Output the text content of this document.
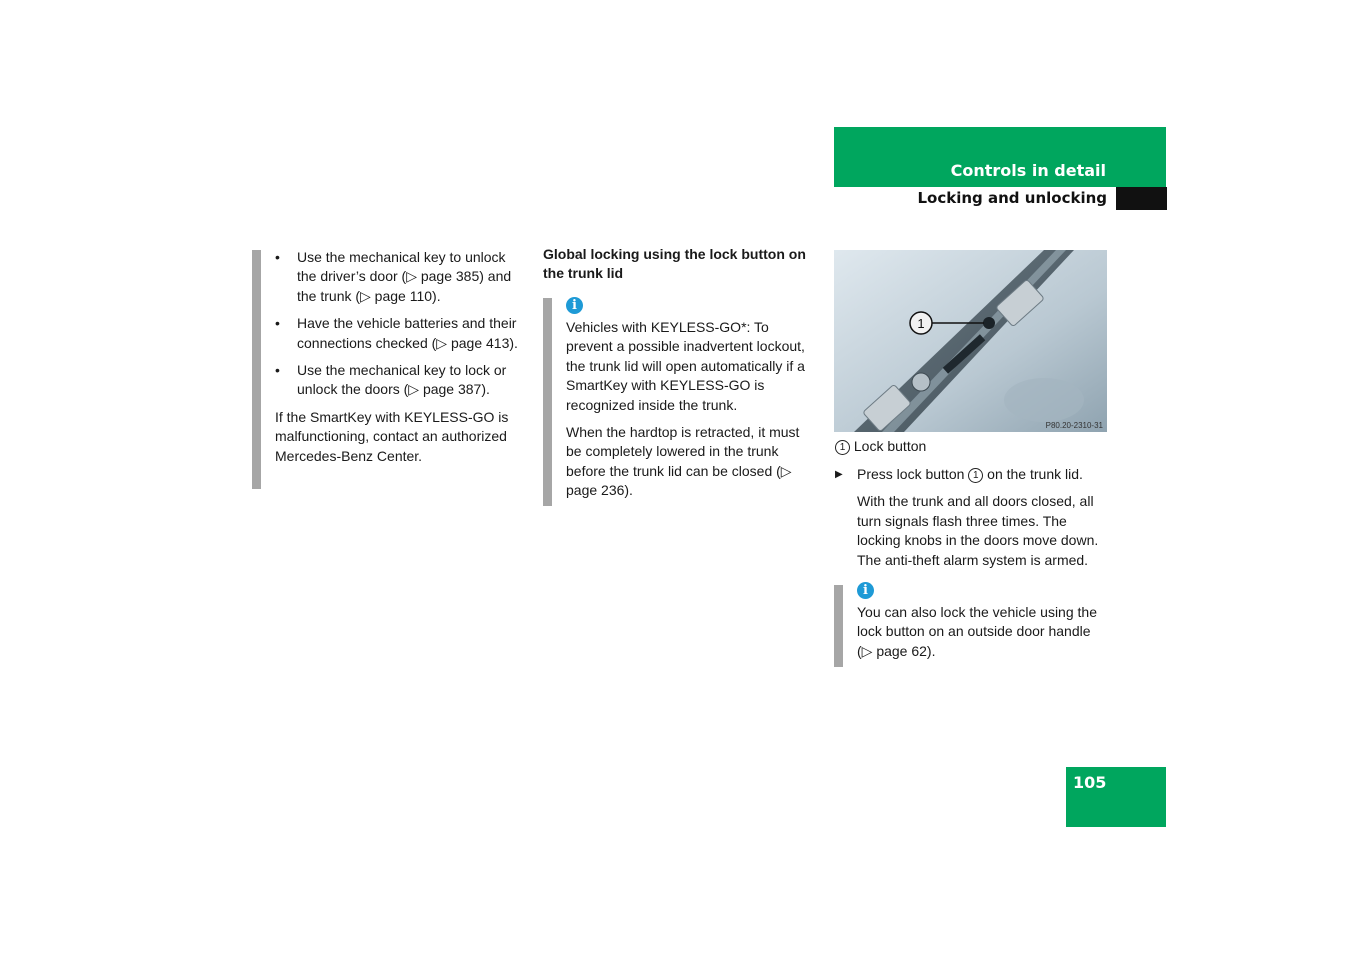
Controls in detail
Locking and unlocking
• Use the mechanical key to unlock the driver’s door (▷ page 385) and the trunk (▷ page 110).
• Have the vehicle batteries and their connections checked (▷ page 413).
• Use the mechanical key to lock or unlock the doors (▷ page 387).

If the SmartKey with KEYLESS-GO is malfunctioning, contact an authorized Mercedes-Benz Center.

Global locking using the lock button on the trunk lid

i

Vehicles with KEYLESS-GO*: To prevent a possible inadvertent lockout, the trunk lid will open automatically if a SmartKey with KEYLESS-GO is recognized inside the trunk.

When the hardtop is retracted, it must be completely lowered in the trunk before the trunk lid can be closed (▷ page 236).

1
P80.20-2310-31

1 Lock button

▶	Press lock button 1 on the trunk lid.

With the trunk and all doors closed, all turn signals flash three times. The locking knobs in the doors move down. The anti-theft alarm system is armed.

i

You can also lock the vehicle using the lock button on an outside door handle (▷ page 62).

105
